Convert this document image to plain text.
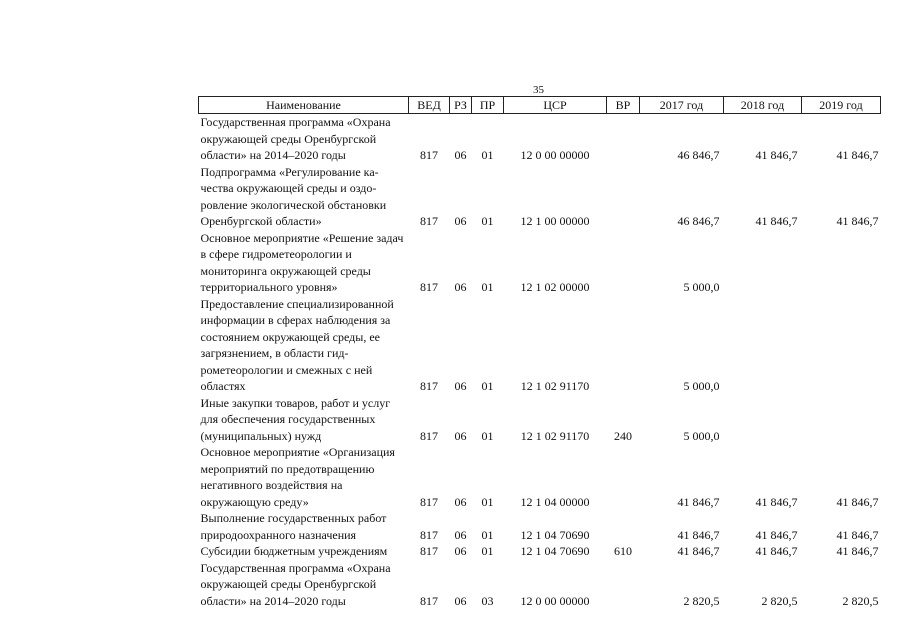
35
Наименование	ВЕД	РЗ	ПР	ЦСР	ВР	2017 год	2018 год	2019 год
Государственная программа «Охрана окружающей среды Оренбургской области» на 2014–2020 годы	817	06	01	12 0 00 00000		46 846,7	41 846,7	41 846,7
Подпрограмма «Регулирование качества окружающей среды и оздоровление экологической обстановки Оренбургской области»	817	06	01	12 1 00 00000		46 846,7	41 846,7	41 846,7
Основное мероприятие «Решение задач в сфере гидрометеорологии и мониторинга окружающей среды территориального уровня»	817	06	01	12 1 02 00000		5 000,0		
Предоставление специализированной информации в сферах наблюдения за состоянием окружающей среды, ее загрязнением, в области гидрометеорологии и смежных с ней областях	817	06	01	12 1 02 91170		5 000,0		
Иные закупки товаров, работ и услуг для обеспечения государственных (муниципальных) нужд	817	06	01	12 1 02 91170	240	5 000,0		
Основное мероприятие «Организация мероприятий по предотвращению негативного воздействия на окружающую среду»	817	06	01	12 1 04 00000		41 846,7	41 846,7	41 846,7
Выполнение государственных работ природоохранного назначения	817	06	01	12 1 04 70690		41 846,7	41 846,7	41 846,7
Субсидии бюджетным учреждениям	817	06	01	12 1 04 70690	610	41 846,7	41 846,7	41 846,7
Государственная программа «Охрана окружающей среды Оренбургской области» на 2014–2020 годы	817	06	03	12 0 00 00000		2 820,5	2 820,5	2 820,5
